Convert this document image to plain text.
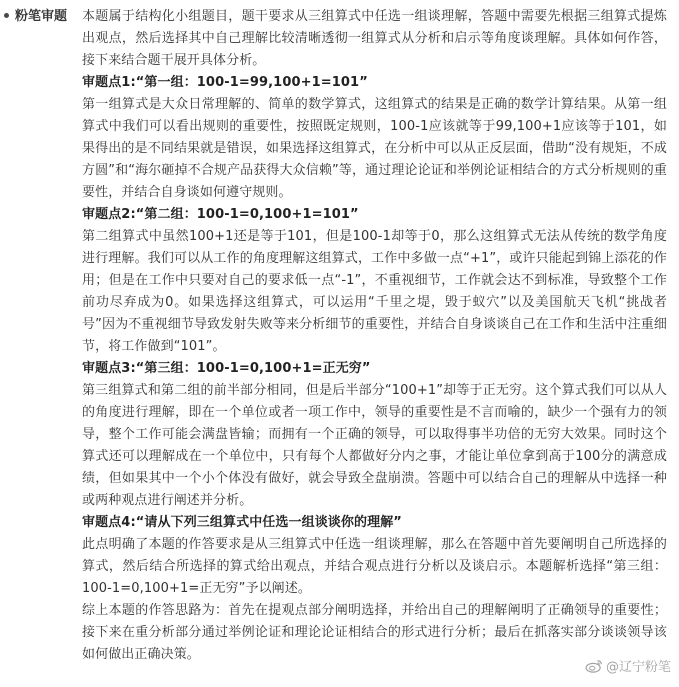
粉笔审题	本题属于结构化小组题目，题干要求从三组算式中任选一组谈理解，答题中需要先根据三组算式提炼出观点，然后选择其中自己理解比较清晰透彻一组算式从分析和启示等角度谈理解。具体如何作答，接下来结合题干展开具体分析。

审题点1:“第一组：100-1=99,100+1=101”

第一组算式是大众日常理解的、简单的数学算式，这组算式的结果是正确的数学计算结果。从第一组算式中我们可以看出规则的重要性，按照既定规则，100-1应该就等于99,100+1应该等于101，如果得出的是不同结果就是错误，如果选择这组算式，在分析中可以从正反层面，借助“没有规矩，不成方圆”和“海尔砸掉不合规产品获得大众信赖”等，通过理论论证和举例论证相结合的方式分析规则的重要性，并结合自身谈如何遵守规则。

审题点2:“第二组：100-1=0,100+1=101”

第二组算式中虽然100+1还是等于101，但是100-1却等于0，那么这组算式无法从传统的数学角度进行理解。我们可以从工作的角度理解这组算式，工作中多做一点“+1”，或许只能起到锦上添花的作用；但是在工作中只要对自己的要求低一点“-1”，不重视细节，工作就会达不到标准，导致整个工作前功尽弃成为0。如果选择这组算式，可以运用“千里之堤，毁于蚁穴”以及美国航天飞机“挑战者号”因为不重视细节导致发射失败等来分析细节的重要性，并结合自身谈谈自己在工作和生活中注重细节，将工作做到“101”。

审题点3:“第三组：100-1=0,100+1=正无穷”

第三组算式和第二组的前半部分相同，但是后半部分“100+1”却等于正无穷。这个算式我们可以从人的角度进行理解，即在一个单位或者一项工作中，领导的重要性是不言而喻的，缺少一个强有力的领导，整个工作可能会满盘皆输；而拥有一个正确的领导，可以取得事半功倍的无穷大效果。同时这个算式还可以理解成在一个单位中，只有每个人都做好分内之事，才能让单位拿到高于100分的满意成绩，但如果其中一个小个体没有做好，就会导致全盘崩溃。答题中可以结合自己的理解从中选择一种或两种观点进行阐述并分析。

审题点4:“请从下列三组算式中任选一组谈谈你的理解”

此点明确了本题的作答要求是从三组算式中任选一组谈理解，那么在答题中首先要阐明自己所选择的算式，然后结合所选择的算式给出观点，并结合观点进行分析以及谈启示。本题解析选择“第三组：100-1=0,100+1=正无穷”予以阐述。

综上本题的作答思路为：首先在提观点部分阐明选择，并给出自己的理解阐明了正确领导的重要性；接下来在重分析部分通过举例论证和理论论证相结合的形式进行分析；最后在抓落实部分谈谈领导该如何做出正确决策。

@辽宁粉笔
